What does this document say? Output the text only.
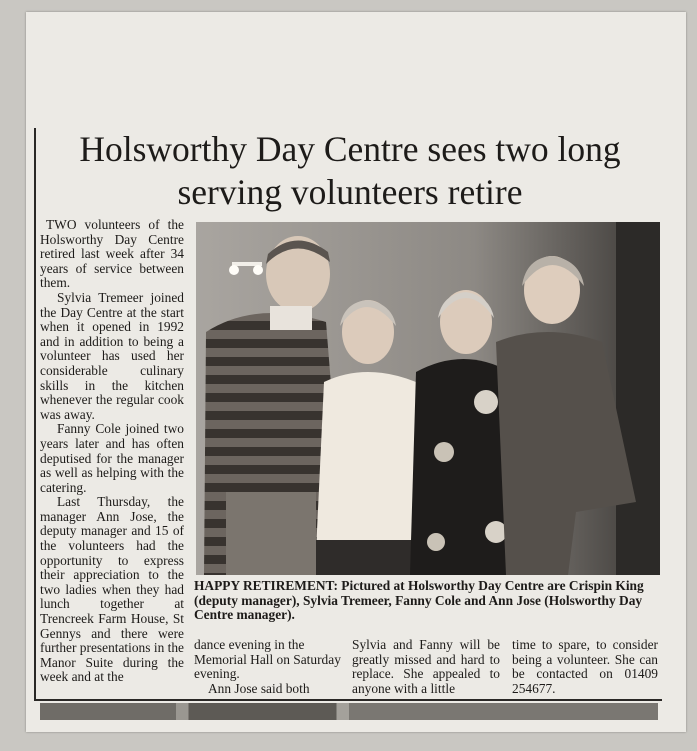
Holsworthy Day Centre sees two long
serving volunteers retire

TWO volunteers of the Holsworthy Day Centre retired last week after 34 years of service between them.

Sylvia Tremeer joined the Day Centre at the start when it opened in 1992 and in addition to being a volunteer has used her considerable culinary skills in the kitchen whenever the regular cook was away.

Fanny Cole joined two years later and has often deputised for the manager as well as helping with the catering.

Last Thursday, the manager Ann Jose, the deputy manager and 15 of the volunteers had the opportunity to express their appreciation to the two ladies when they had lunch together at Trencreek Farm House, St Gennys and there were further presentations in the Manor Suite during the week and at the

HAPPY RETIREMENT: Pictured at Holsworthy Day Centre are Crispin King (deputy manager), Sylvia Tremeer, Fanny Cole and Ann Jose (Holsworthy Day Centre manager).

dance evening in the Memorial Hall on Saturday evening.

Ann Jose said both

Sylvia and Fanny will be greatly missed and hard to replace. She appealed to anyone with a little

time to spare, to consider being a volunteer. She can be contacted on 01409 254677.
